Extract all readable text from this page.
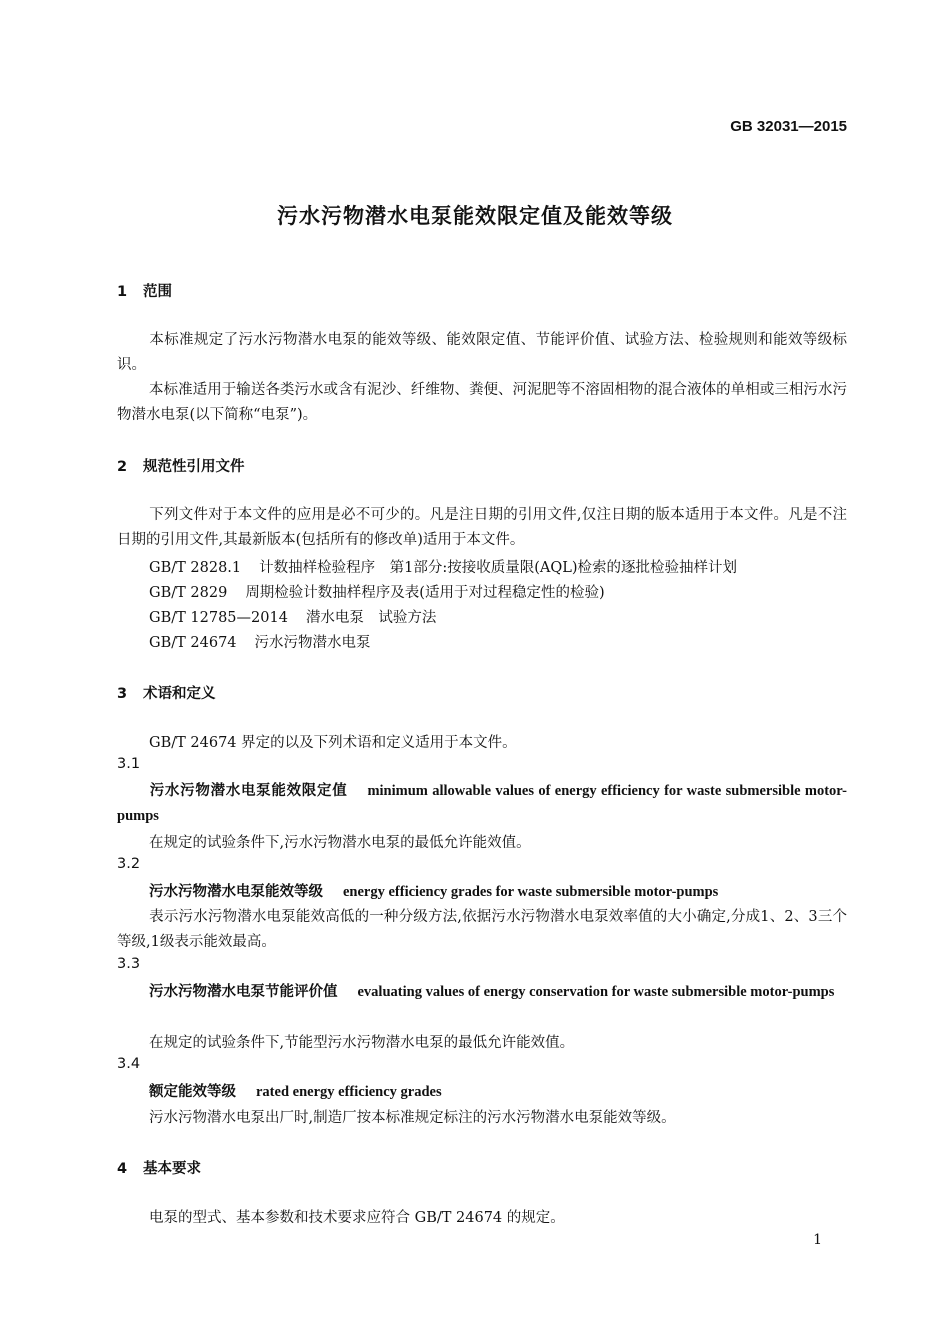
GB 32031—2015
污水污物潜水电泵能效限定值及能效等级
1 范围
本标准规定了污水污物潜水电泵的能效等级、能效限定值、节能评价值、试验方法、检验规则和能效等级标识。
本标准适用于输送各类污水或含有泥沙、纤维物、粪便、河泥肥等不溶固相物的混合液体的单相或三相污水污物潜水电泵(以下简称“电泵”)。
2 规范性引用文件
下列文件对于本文件的应用是必不可少的。凡是注日期的引用文件,仅注日期的版本适用于本文件。凡是不注日期的引用文件,其最新版本(包括所有的修改单)适用于本文件。
GB/T 2828.1 计数抽样检验程序　第1部分:按接收质量限(AQL)检索的逐批检验抽样计划
GB/T 2829 周期检验计数抽样程序及表(适用于对过程稳定性的检验)
GB/T 12785—2014 潜水电泵　试验方法
GB/T 24674 污水污物潜水电泵
3 术语和定义
GB/T 24674 界定的以及下列术语和定义适用于本文件。
3.1
污水污物潜水电泵能效限定值 minimum allowable values of energy efficiency for waste submersible motor-pumps
在规定的试验条件下,污水污物潜水电泵的最低允许能效值。
3.2
污水污物潜水电泵能效等级 energy efficiency grades for waste submersible motor-pumps
表示污水污物潜水电泵能效高低的一种分级方法,依据污水污物潜水电泵效率值的大小确定,分成1、2、3三个等级,1级表示能效最高。
3.3
污水污物潜水电泵节能评价值 evaluating values of energy conservation for waste submersible motor-pumps
在规定的试验条件下,节能型污水污物潜水电泵的最低允许能效值。
3.4
额定能效等级 rated energy efficiency grades
污水污物潜水电泵出厂时,制造厂按本标准规定标注的污水污物潜水电泵能效等级。
4 基本要求
电泵的型式、基本参数和技术要求应符合 GB/T 24674 的规定。
1
